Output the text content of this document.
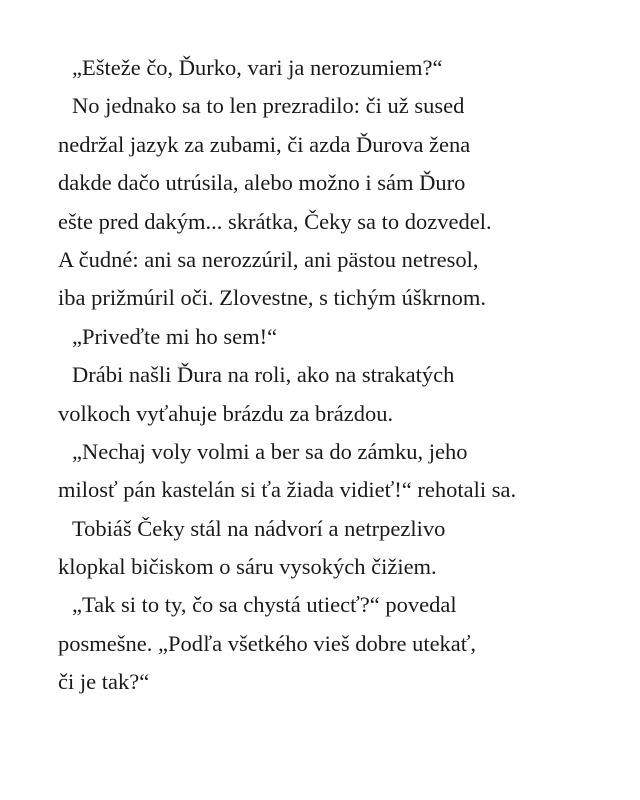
„Ešteže čo, Ďurko, vari ja nerozumiem?“
No jednako sa to len prezradilo: či už sused
nedržal jazyk za zubami, či azda Ďurova žena
dakde dačo utrúsila, alebo možno i sám Ďuro
ešte pred dakým... skrátka, Čeky sa to dozvedel.
A čudné: ani sa nerozzúril, ani pästou netresol,
iba prižmúril oči. Zlovestne, s tichým úškrnom.
„Priveďte mi ho sem!“
Drábi našli Ďura na roli, ako na strakatých
volkoch vyťahuje brázdu za brázdou.
„Nechaj voly volmi a ber sa do zámku, jeho
milosť pán kastelán si ťa žiada vidieť!“ rehotali sa.
Tobiáš Čeky stál na nádvorí a netrpezlivo
klopkal bičiskom o sáru vysokých čižiem.
„Tak si to ty, čo sa chystá utiecť?“ povedal
posmešne. „Podľa všetkého vieš dobre utekať,
či je tak?“
